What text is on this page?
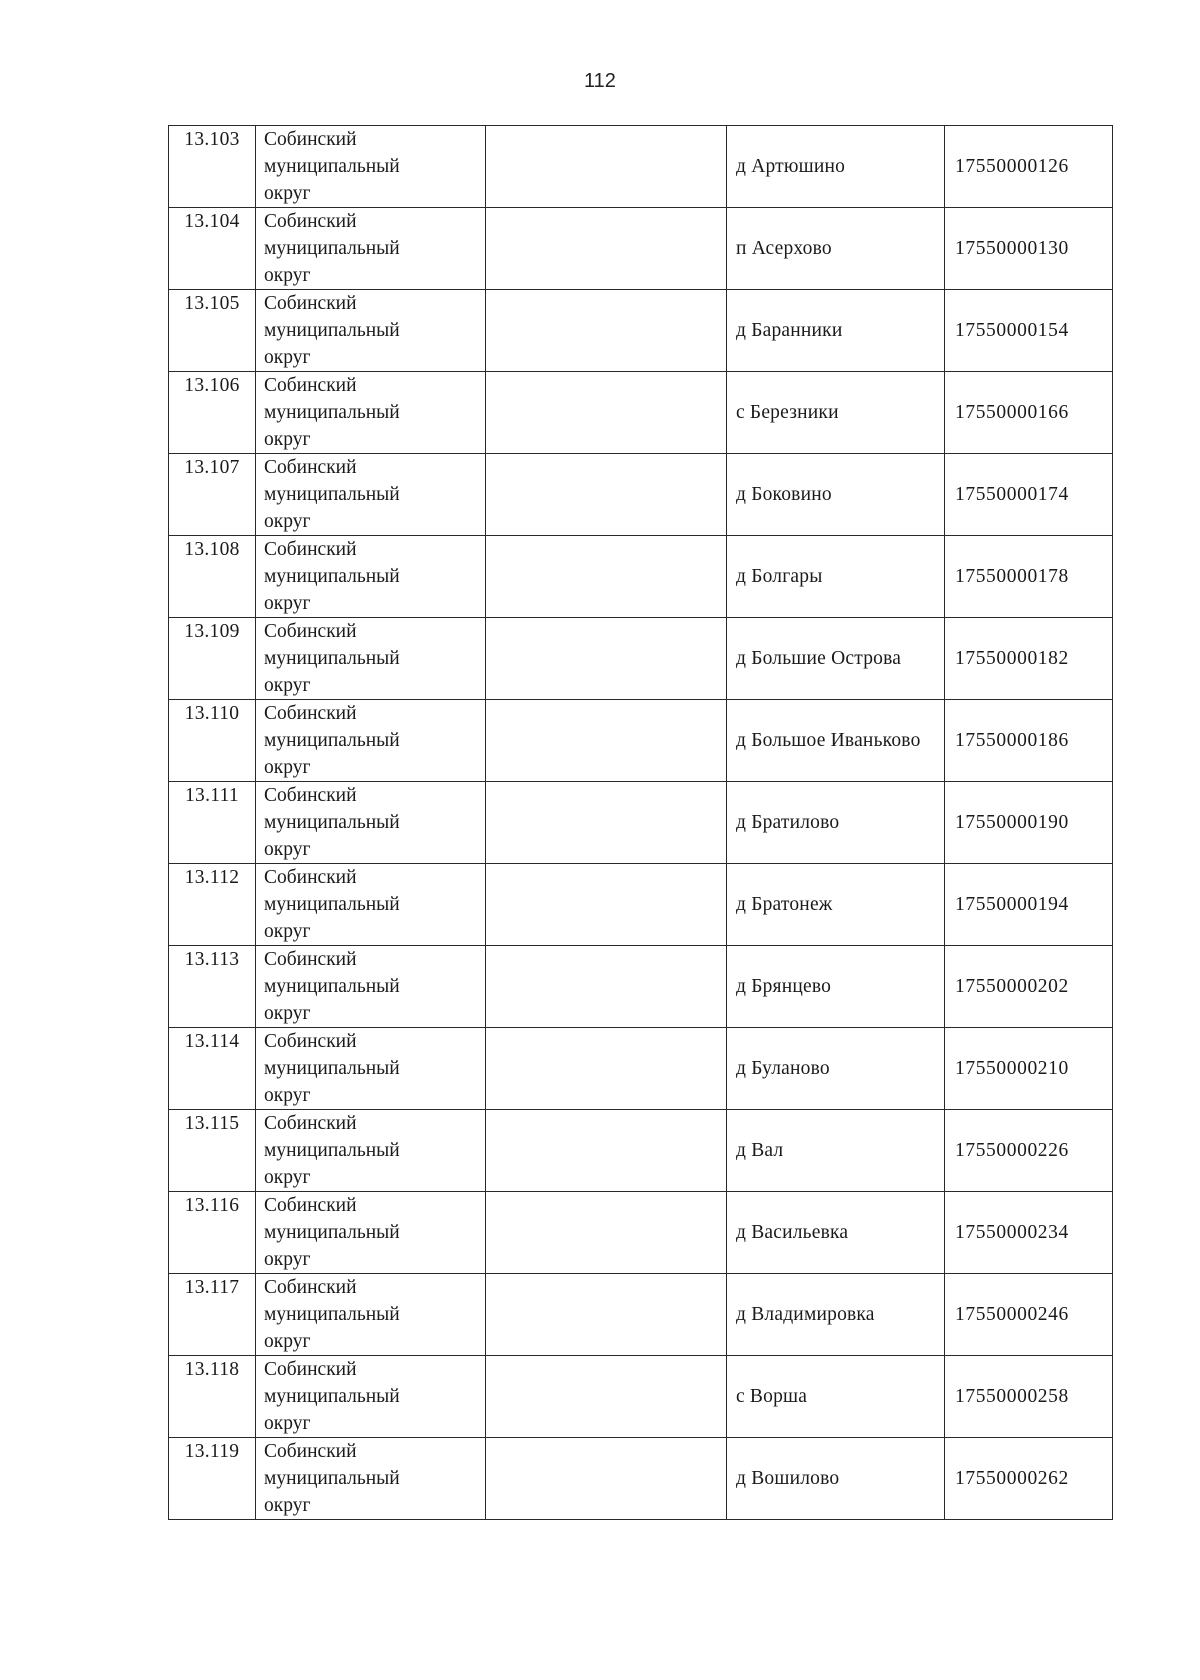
112
13.103	Собинский
муниципальный
округ		д Артюшино	17550000126
13.104	Собинский
муниципальный
округ		п Асерхово	17550000130
13.105	Собинский
муниципальный
округ		д Баранники	17550000154
13.106	Собинский
муниципальный
округ		с Березники	17550000166
13.107	Собинский
муниципальный
округ		д Боковино	17550000174
13.108	Собинский
муниципальный
округ		д Болгары	17550000178
13.109	Собинский
муниципальный
округ		д Большие Острова	17550000182
13.110	Собинский
муниципальный
округ		д Большое Иваньково	17550000186
13.111	Собинский
муниципальный
округ		д Братилово	17550000190
13.112	Собинский
муниципальный
округ		д Братонеж	17550000194
13.113	Собинский
муниципальный
округ		д Брянцево	17550000202
13.114	Собинский
муниципальный
округ		д Буланово	17550000210
13.115	Собинский
муниципальный
округ		д Вал	17550000226
13.116	Собинский
муниципальный
округ		д Васильевка	17550000234
13.117	Собинский
муниципальный
округ		д Владимировка	17550000246
13.118	Собинский
муниципальный
округ		с Ворша	17550000258
13.119	Собинский
муниципальный
округ		д Вошилово	17550000262
